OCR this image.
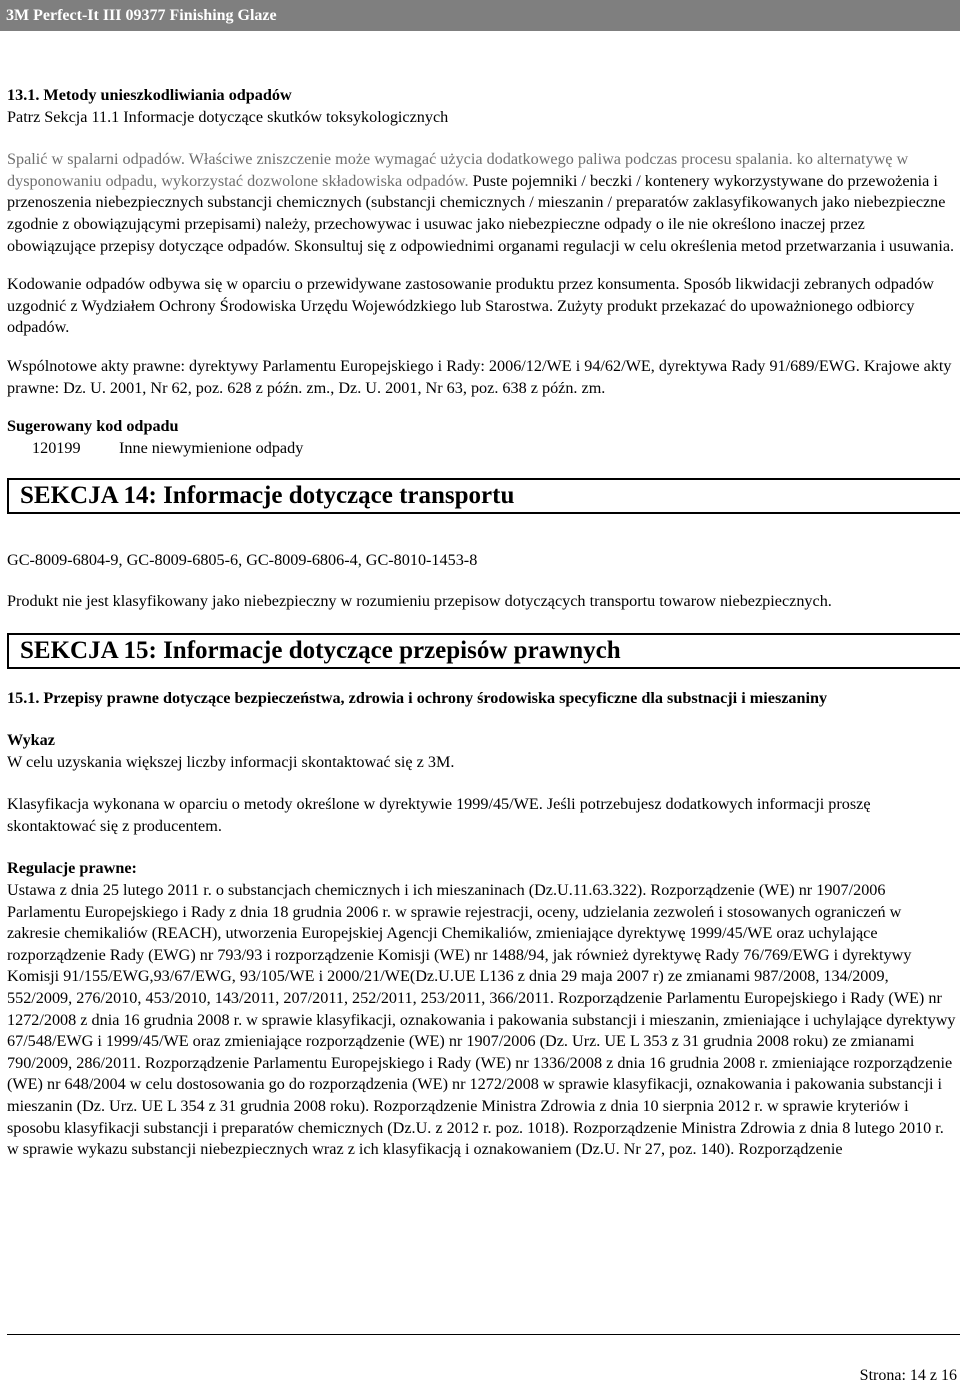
3M Perfect-It III 09377 Finishing Glaze

13.1. Metody unieszkodliwiania odpadów

Patrz Sekcja 11.1 Informacje dotyczące skutków toksykologicznych

Spalić w spalarni odpadów. Właściwe zniszczenie może wymagać użycia dodatkowego paliwa podczas procesu spalania. ko alternatywę w dysponowaniu odpadu, wykorzystać dozwolone składowiska odpadów. Puste pojemniki / beczki / kontenery wykorzystywane do przewożenia i przenoszenia niebezpiecznych substancji chemicznych (substancji chemicznych / mieszanin / preparatów zaklasyfikowanych jako niebezpieczne zgodnie z obowiązującymi przepisami) należy, przechowywac i usuwac jako niebezpieczne odpady o ile nie określono inaczej przez obowiązujące przepisy dotyczące odpadów. Skonsultuj się z odpowiednimi organami regulacji w celu określenia metod przetwarzania i usuwania.

Kodowanie odpadów odbywa się w oparciu o przewidywane zastosowanie produktu przez konsumenta. Sposób likwidacji zebranych odpadów uzgodnić z Wydziałem Ochrony Środowiska Urzędu Wojewódzkiego lub Starostwa. Zużyty produkt przekazać do upoważnionego odbiorcy odpadów.

Wspólnotowe akty prawne: dyrektywy Parlamentu Europejskiego i Rady: 2006/12/WE i 94/62/WE, dyrektywa Rady 91/689/EWG. Krajowe akty prawne: Dz. U. 2001, Nr 62, poz. 628 z późn. zm., Dz. U. 2001, Nr 63, poz. 638 z późn. zm.

Sugerowany kod odpadu

120199	Inne niewymienione odpady
SEKCJA 14: Informacje dotyczące transportu

GC-8009-6804-9, GC-8009-6805-6, GC-8009-6806-4, GC-8010-1453-8

Produkt nie jest klasyfikowany jako niebezpieczny w rozumieniu przepisow dotyczących transportu towarow niebezpiecznych.

SEKCJA 15: Informacje dotyczące przepisów prawnych

15.1. Przepisy prawne dotyczące bezpieczeństwa, zdrowia i ochrony środowiska specyficzne dla substnacji i mieszaniny

Wykaz

W celu uzyskania większej liczby informacji skontaktować się z 3M.

Klasyfikacja wykonana w oparciu o metody określone w dyrektywie 1999/45/WE. Jeśli potrzebujesz dodatkowych informacji proszę skontaktować się z producentem.

Regulacje prawne:

Ustawa z dnia 25 lutego 2011 r. o substancjach chemicznych i ich mieszaninach (Dz.U.11.63.322). Rozporządzenie (WE) nr 1907/2006 Parlamentu Europejskiego i Rady z dnia 18 grudnia 2006 r. w sprawie rejestracji, oceny, udzielania zezwoleń i stosowanych ograniczeń w zakresie chemikaliów (REACH), utworzenia Europejskiej Agencji Chemikaliów, zmieniające dyrektywę 1999/45/WE oraz uchylające rozporządzenie Rady (EWG) nr 793/93 i rozporządzenie Komisji (WE) nr 1488/94, jak również dyrektywę Rady 76/769/EWG i dyrektywy Komisji 91/155/EWG,93/67/EWG, 93/105/WE i 2000/21/WE(Dz.U.UE L136 z dnia 29 maja 2007 r) ze zmianami 987/2008, 134/2009, 552/2009, 276/2010, 453/2010, 143/2011, 207/2011, 252/2011, 253/2011, 366/2011. Rozporządzenie Parlamentu Europejskiego i Rady (WE) nr 1272/2008 z dnia 16 grudnia 2008 r. w sprawie klasyfikacji, oznakowania i pakowania substancji i mieszanin, zmieniające i uchylające dyrektywy 67/548/EWG i 1999/45/WE oraz zmieniające rozporządzenie (WE) nr 1907/2006 (Dz. Urz. UE L 353 z 31 grudnia 2008 roku) ze zmianami 790/2009, 286/2011. Rozporządzenie Parlamentu Europejskiego i Rady (WE) nr 1336/2008 z dnia 16 grudnia 2008 r. zmieniające rozporządzenie (WE) nr 648/2004 w celu dostosowania go do rozporządzenia (WE) nr 1272/2008 w sprawie klasyfikacji, oznakowania i pakowania substancji i mieszanin (Dz. Urz. UE L 354 z 31 grudnia 2008 roku). Rozporządzenie Ministra Zdrowia z dnia 10 sierpnia 2012 r. w sprawie kryteriów i sposobu klasyfikacji substancji i preparatów chemicznych (Dz.U. z 2012 r. poz. 1018). Rozporządzenie Ministra Zdrowia z dnia 8 lutego 2010 r. w sprawie wykazu substancji niebezpiecznych wraz z ich klasyfikacją i oznakowaniem (Dz.U. Nr 27, poz. 140). Rozporządzenie

Strona: 14 z 16
